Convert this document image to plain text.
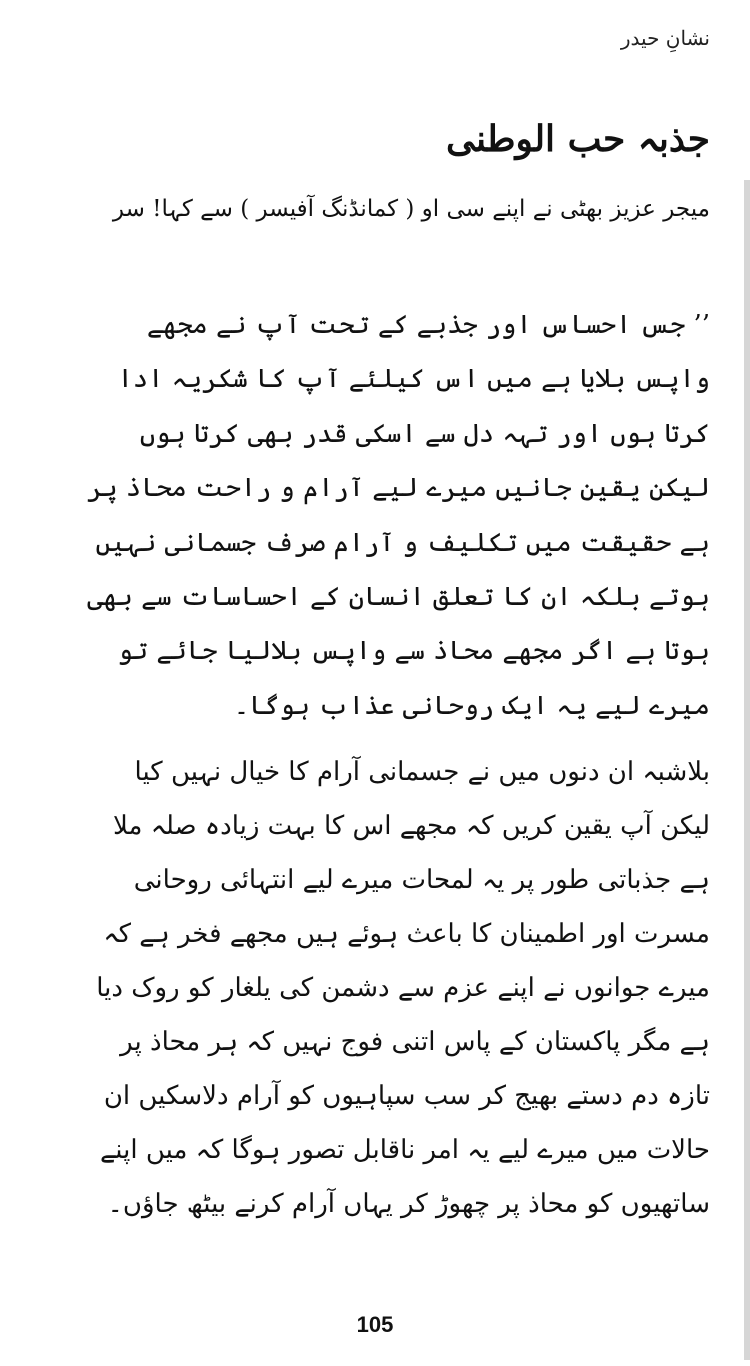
نشانِ حیدر
جذبہ حب الوطنی
میجر عزیز بھٹی نے اپنے سی او ( کمانڈنگ آفیسر ) سے کہا! سر

’’ جس احساس اور جذبے کے تحت آپ نے مجھے واپس بلایا ہے میں اس کیلئے آپ کا شکریہ ادا کرتا ہوں اور تہہ دل سے اسکی قدر بھی کرتا ہوں لیکن یقین جانیں میرے لیے آرام و راحت محاذ پر ہے حقیقت میں تکلیف و آرام صرف جسمانی نہیں ہوتے بلکہ ان کا تعلق انسان کے احساسات سے بھی ہوتا ہے اگر مجھے محاذ سے واپس بلالیا جائے تو میرے لیے یہ ایک روحانی عذاب ہوگا۔

بلاشبہ ان دنوں میں نے جسمانی آرام کا خیال نہیں کیا لیکن آپ یقین کریں کہ مجھے اس کا بہت زیادہ صلہ ملا ہے جذباتی طور پر یہ لمحات میرے لیے انتہائی روحانی مسرت اور اطمینان کا باعث ہوئے ہیں مجھے فخر ہے کہ میرے جوانوں نے اپنے عزم سے دشمن کی یلغار کو روک دیا ہے مگر پاکستان کے پاس اتنی فوج نہیں کہ ہر محاذ پر تازہ دم دستے بھیج کر سب سپاہیوں کو آرام دلاسکیں ان حالات میں میرے لیے یہ امر ناقابل تصور ہوگا کہ میں اپنے ساتھیوں کو محاذ پر چھوڑ کر یہاں آرام کرنے بیٹھ جاؤں۔

105
